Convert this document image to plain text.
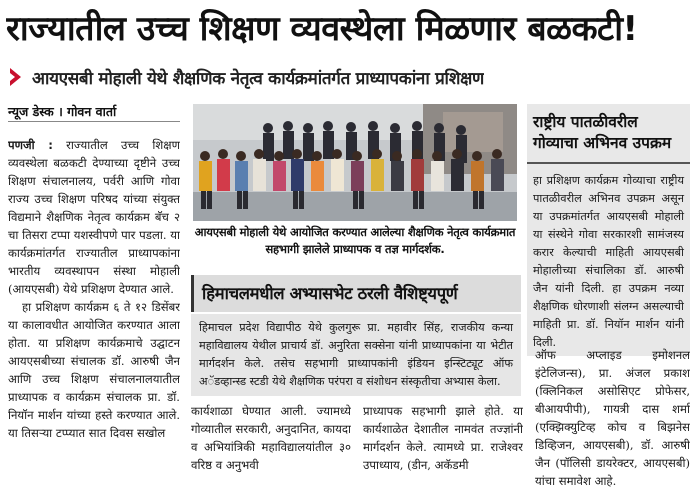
राज्यातील उच्च शिक्षण व्यवस्थेला मिळणार बळकटी!
आयएसबी मोहाली येथे शैक्षणिक नेतृत्व कार्यक्रमांतर्गत प्राध्यापकांना प्रशिक्षण
न्यूज डेस्क । गोवन वार्ता

पणजी : राज्यातील उच्च शिक्षण व्यवस्थेला बळकटी देण्याच्या दृष्टीने उच्च शिक्षण संचालनालय, पर्वरी आणि गोवा राज्य उच्च शिक्षण परिषद यांच्या संयुक्त विद्यमाने शैक्षणिक नेतृत्व कार्यक्रम बॅच २ चा तिसरा टप्पा यशस्वीपणे पार पडला. या कार्यक्रमांतर्गत राज्यातील प्राध्यापकांना भारतीय व्यवस्थापन संस्था मोहाली (आयएसबी) येथे प्रशिक्षण देण्यात आले.

हा प्रशिक्षण कार्यक्रम ६ ते १२ डिसेंबर या कालावधीत आयोजित करण्यात आला होता. या प्रशिक्षण कार्यक्रमाचे उद्घाटन आयएसबीच्या संचालक डॉ. आरुषी जैन आणि उच्च शिक्षण संचालनालयातील प्राध्यापक व कार्यक्रम संचालक प्रा. डॉ. नियॉन मार्शन यांच्या हस्ते करण्यात आले. या तिसऱ्या टप्प्यात सात दिवस सखोल

आयएसबी मोहाली येथे आयोजित करण्यात आलेल्या शैक्षणिक नेतृत्व कार्यक्रमात सहभागी झालेले प्राध्यापक व तज्ञ मार्गदर्शक.
हिमाचलमधील अभ्यासभेट ठरली वैशिष्ट्यपूर्ण

हिमाचल प्रदेश विद्यापीठ येथे कुलगुरू प्रा. महावीर सिंह, राजकीय कन्या महाविद्यालय येथील प्राचार्य डॉ. अनुरिता सक्सेना यांनी प्राध्यापकांना या भेटीत मार्गदर्शन केले. तसेच सहभागी प्राध्यापकांनी इंडियन इन्स्टिट्यूट ऑफ अॅडव्हान्स्ड स्टडी येथे शैक्षणिक परंपरा व संशोधन संस्कृतीचा अभ्यास केला.

राष्ट्रीय पातळीवरील गोव्याचा अभिनव उपक्रम
हा प्रशिक्षण कार्यक्रम गोव्याचा राष्ट्रीय पातळीवरील अभिनव उपक्रम असून या उपक्रमांतर्गत आयएसबी मोहाली या संस्थेने गोवा सरकारशी सामंजस्य करार केल्याची माहिती आयएसबी मोहालीच्या संचालिका डॉ. आरुषी जैन यांनी दिली. हा उपक्रम नव्या शैक्षणिक धोरणाशी संलग्न असल्याची माहिती प्रा. डॉ. नियॉन मार्शन यांनी दिली.

कार्यशाळा घेण्यात आली. ज्यामध्ये गोव्यातील सरकारी, अनुदानित, कायदा व अभियांत्रिकी महाविद्यालयांतील ३० वरिष्ठ व अनुभवी

प्राध्यापक सहभागी झाले होते. या कार्यशाळेत देशातील नामवंत तज्ज्ञांनी मार्गदर्शन केले. त्यामध्ये प्रा. राजेश्वर उपाध्याय, (डीन, अकॅडमी

ऑफ अप्लाइड इमोशनल इंटेलिजन्स), प्रा. अंजल प्रकाश (क्लिनिकल असोसिएट प्रोफेसर, बीआयपीपी), गायत्री दास शर्मा (एक्झिक्युटिव्ह कोच व बिझनेस डिव्हिजन, आयएसबी), डॉ. आरुषी जैन (पॉलिसी डायरेक्टर, आयएसबी) यांचा समावेश आहे.
